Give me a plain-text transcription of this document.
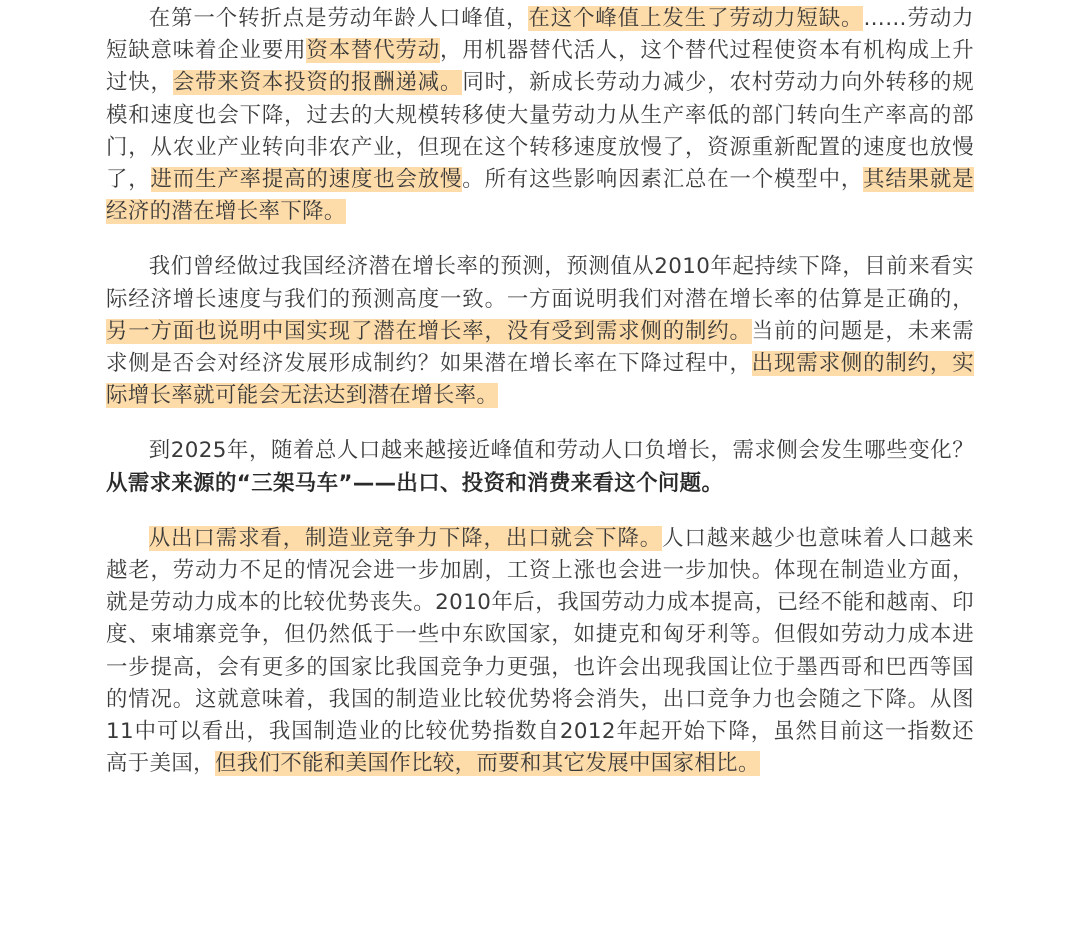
在第一个转折点是劳动年龄人口峰值，在这个峰值上发生了劳动力短缺。……劳动力短缺意味着企业要用资本替代劳动，用机器替代活人，这个替代过程使资本有机构成上升过快，会带来资本投资的报酬递减。同时，新成长劳动力减少，农村劳动力向外转移的规模和速度也会下降，过去的大规模转移使大量劳动力从生产率低的部门转向生产率高的部门，从农业产业转向非农产业，但现在这个转移速度放慢了，资源重新配置的速度也放慢了，进而生产率提高的速度也会放慢。所有这些影响因素汇总在一个模型中，其结果就是经济的潜在增长率下降。

我们曾经做过我国经济潜在增长率的预测，预测值从2010年起持续下降，目前来看实际经济增长速度与我们的预测高度一致。一方面说明我们对潜在增长率的估算是正确的，另一方面也说明中国实现了潜在增长率，没有受到需求侧的制约。当前的问题是，未来需求侧是否会对经济发展形成制约？如果潜在增长率在下降过程中，出现需求侧的制约，实际增长率就可能会无法达到潜在增长率。

到2025年，随着总人口越来越接近峰值和劳动人口负增长，需求侧会发生哪些变化？从需求来源的“三架马车”——出口、投资和消费来看这个问题。

从出口需求看，制造业竞争力下降，出口就会下降。人口越来越少也意味着人口越来越老，劳动力不足的情况会进一步加剧，工资上涨也会进一步加快。体现在制造业方面，就是劳动力成本的比较优势丧失。2010年后，我国劳动力成本提高，已经不能和越南、印度、柬埔寨竞争，但仍然低于一些中东欧国家，如捷克和匈牙利等。但假如劳动力成本进一步提高，会有更多的国家比我国竞争力更强，也许会出现我国让位于墨西哥和巴西等国的情况。这就意味着，我国的制造业比较优势将会消失，出口竞争力也会随之下降。从图11中可以看出，我国制造业的比较优势指数自2012年起开始下降，虽然目前这一指数还高于美国，但我们不能和美国作比较，而要和其它发展中国家相比。
